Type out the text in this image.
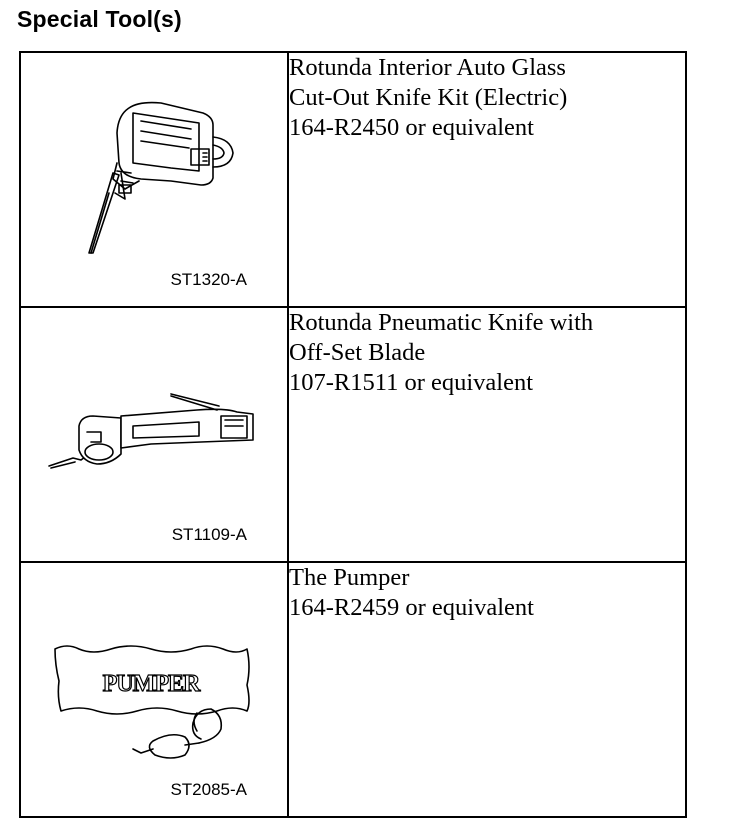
Special Tool(s)
ST1320-A	Rotunda Interior Auto Glass
Cut-Out Knife Kit (Electric)
164-R2450 or equivalent

ST1109-A	Rotunda Pneumatic Knife with
Off-Set Blade
107-R1511 or equivalent

PUMPER
ST2085-A	The Pumper
164-R2459 or equivalent
